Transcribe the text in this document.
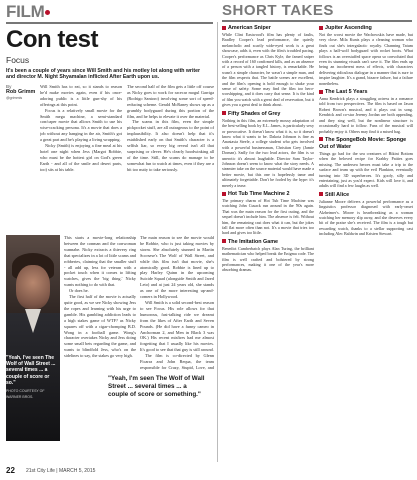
FILM
Con test
Focus
It's been a couple of years since Will Smith and his motley lot along with writer and director M. Night Shyamalan inflicted After Earth upon us.
By
Rob Grimm
@grimmis

Will Smith has to eat, so it stands to reason he'd make movies again, even if his once-adoring public is a little gun-shy of his offerings at this point.

Focus is a relatively small movie for the Smith mega machine, a semi-standard con/caper movie that allows Smith to use his wise-cracking persona. It's a movie that does a job without any hanging in the air, Smith's got a great part and he's playing a living wrapping.

Nicky (Smith) is enjoying a fine meal at his hotel one night when Jess (Margot Robbie, who must be the hottest girl on God's green Earth - and all of the smile and desert parts, too) sits at his table.

The second half of the film gets a little off course as Nicky goes to work for racecar mogul Garriga (Rodrigo Santoro) involving some sort of speed-reducing scheme. Gerald McRaney shows up as a grumbly bodyguard during this portion of the film, and he helps to elevate it over the material.

The scams in this film, even the simple pickpocket stuff, are all outrageous to the point of implausibility. It also doesn't help that it's established early on that Smith's character is a selfish liar, so every big reveal isn't all that surprising or clever. He's clearly hoodwinking all of the time. Still, the scams do manage to be somewhat fun to watch at times, even if they are a bit too nutty to take seriously.

"Yeah, I've seen The Wolf of Wall Street ... several times ... a couple of score or so."
PHOTO COURTESY OF WARNER BROS.

This starts a movie-long relationship between the conman and the conwoman wannabe. Nicky extracts a thievery ring that specializes in a lot of little scams and robberies, claiming that the smaller stuff - all add up, less for veteran with a pocket touch when it comes to lifting watches, gives the 'big thing.' Nicky wants nothing to do with that.

Or does he.

The first half of the movie is actually quite good, as we see Nicky showing Jess the ropes and learning with his urge to gamble. His gambling addiction leads to a high stakes game of WTF? as Nicky squares off with a cigar-chomping B.D. Wong in a football game. Wong's character overtakes Nicky and Jess doing some small bets regarding the game, and wants to blindfold Jess, who's on the sidelines to say, the stakes go very high.

The main reason to see the movie would be Robbie, who is just taking movies by storm. She absolutely stunned in Martin Scorsese's The Wolf of Wall Street, and while this film isn't that movie, she's atomically good. Robbie is lined up to play Harley Quinn in the upcoming Suicide Squad (alongside Smith and Jared Leto) and at just 24 years old, she stands as one of the more interesting up-and-comers in Hollywood.

Will Smith is a solid second-best reason to see Focus. His role allows for that humorous, fast-talking ride we dreamt from the likes of After Earth and Seven Pounds. (He did have a funny cameo in Anchorman 2, and Men in Black 3 was OK.) His recent misfires had me almost forgetting that I usually like his movies. It's good to see that that guy is still around.

The film is co-directed by Glenn Ficarra and John Requa, the team responsible for Crazy, Stupid, Love, and

"Yeah, I'm seen The Wolf of Wall Street ... several times ... a couple of score or something."
22 21st City Life | MARCH 5, 2015
SHORT TAKES
American Sniper
While Clint Eastwood's film has plenty of faults, Bradley Cooper's lead performance, the quietly melancholic and scarily wide-eyed work is a great showcase, adds it, even with the film's troubled pacing. Cooper's performance as Chris Kyle, the famed sniper with a record of 160 confirmed kills, and as an absence of a person with a tangled history, is remarkable. He wasn't a simple character, he wasn't a simple man, and the film respects that. The battle scenes are excellent, and the film's opening is bold enough to shake your sense of safety. Some may find the film too hero-worshipping, and it does carry that sense. It is the kind of film you watch with a great deal of reservation, but it gives you a great deal to think about.
Fifty Shades of Grey
Nothing in this film, an extremely mousy adaptation of the best-selling book by E.L. James, is particularly sexy or provocative. It doesn't know what it is, so it doesn't know what it wants to be. Dakota Johnson is fine as Anastasia Steele, a college student who gets involved with a powerful businessman, Christian Grey (Jamie Dornan). Sadly for the two lead actors, the film is so unerotic it's almost laughable. Director Sam Taylor-Johnson doesn't seem to know what the story needs. A steamier take on the source material would have made a better movie, but this one is hopelessly tame and ultimately forgettable. Don't be fooled by the hype: it's merely a tease.
Hot Tub Time Machine 2
The primary charm of Hot Tub Time Machine was watching John Cusack run around in the '80s again. That was the main reason for the first outing, and the sequel doesn't include him. The absence is felt. Without him, the remaining cast does what it can, but the jokes fall flat more often than not. It's a movie that tries too hard and gives too little.
The Imitation Game
Benedict Cumberbatch plays Alan Turing, the brilliant mathematician who helped break the Enigma code. The film is well crafted and bolstered by strong performances, making it one of the year's more absorbing dramas.
Jupiter Ascending
Not the worst movie the Wachowskis have made, but very close. Mila Kunis plays a cleaning woman who finds out she's intergalactic royalty. Channing Tatum plays a half-wolf bodyguard with rocket boots. What follows is an overstuffed space opera so convoluted that even its stunning visuals can't save it. The film ends up being an incoherent mess of effects, with characters delivering ridiculous dialogue in a manner that is sure to inspire laughter. It's a grand, bizarre failure, but a failure nonetheless.
The Last 5 Years
Anna Kendrick plays a struggling actress in a romance told from two perspectives. The film is based on Jason Robert Brown's musical, and it plays out in song. Kendrick and co-star Jeremy Jordan are both appealing, and they sing well, but the nonlinear structure is occasionally hard to follow. Fans of the musical will probably enjoy it. Others may find it a mixed bag.
The SpongeBob Movie: Sponge Out of Water
Things go bad for the sea creatures of Bikini Bottom when the beloved recipe for Krabby Patties goes missing. The undersea heroes must take a trip to the surface and team up with the evil Plankton, eventually turning into 3D superheroes. It's goofy, silly and entertaining, just as you'd expect. Kids will love it, and adults will find a few laughs as well.
Still Alice
Julianne Moore delivers a powerful performance as a linguistics professor diagnosed with early-onset Alzheimer's. Moore is heartbreaking as a woman watching her memory slip away, and she deserves every bit of the praise she's received. The film is a tough but rewarding watch, thanks to a stellar supporting cast including Alec Baldwin and Kristen Stewart.
